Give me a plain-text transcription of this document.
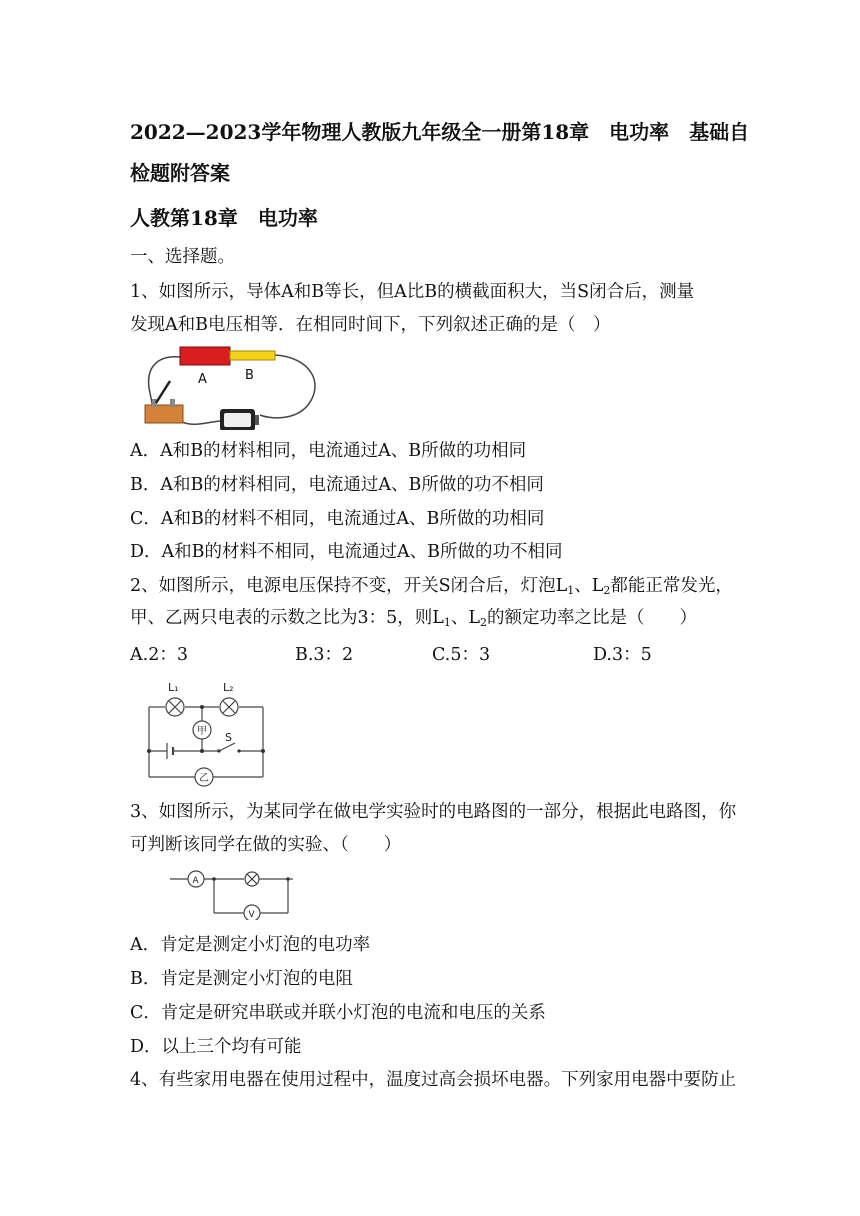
2022—2023学年物理人教版九年级全一册第18章　电功率　基础自
检题附答案
人教第18章　电功率
一、选择题。
1、如图所示，导体A和B等长，但A比B的横截面积大，当S闭合后，测量
发现A和B电压相等．在相同时间下，下列叙述正确的是（　）
A	B
A．A和B的材料相同，电流通过A、B所做的功相同
B．A和B的材料相同，电流通过A、B所做的功不相同
C．A和B的材料不相同，电流通过A、B所做的功相同
D．A和B的材料不相同，电流通过A、B所做的功不相同
2、如图所示，电源电压保持不变，开关S闭合后，灯泡$L_1$、$L_2$都能正常发光，
甲、乙两只电表的示数之比为3：5，则$L_1$、$L_2$的额定功率之比是（　　）
A.2：3	B.3：2	C.5：3	D.3：5
L₁	L₂
甲
乙
S
3、如图所示，为某同学在做电学实验时的电路图的一部分，根据此电路图，你
可判断该同学在做的实验、（　　）
A
V
A．肯定是测定小灯泡的电功率
B．肯定是测定小灯泡的电阻
C．肯定是研究串联或并联小灯泡的电流和电压的关系
D．以上三个均有可能
4、有些家用电器在使用过程中，温度过高会损坏电器。下列家用电器中要防止
